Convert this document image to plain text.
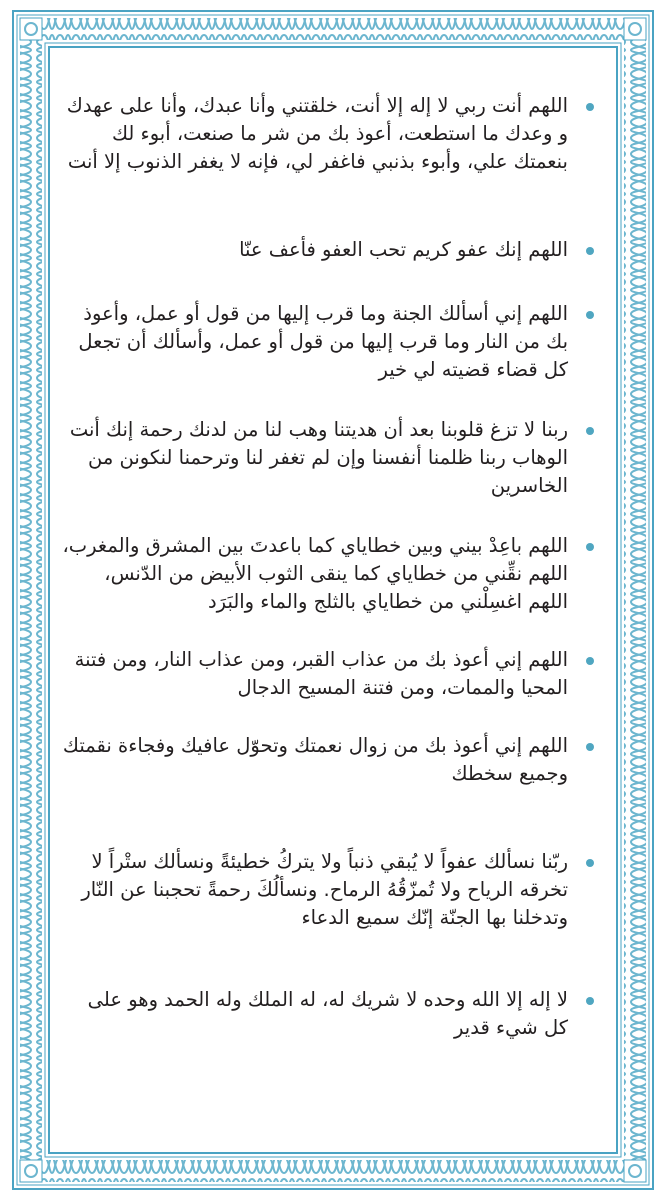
اللهم أنت ربي لا إله إلا أنت، خلقتني وأنا عبدك، وأنا على عهدك و وعدك ما استطعت، أعوذ بك من شر ما صنعت، أبوء لك بنعمتك علي، وأبوء بذنبي فاغفر لي، فإنه لا يغفر الذنوب إلا أنت
اللهم إنك عفو كريم تحب العفو فأعف عنّا
اللهم إني أسألك الجنة وما قرب إليها من قول أو عمل، وأعوذ بك من النار وما قرب إليها من قول أو عمل، وأسألك أن تجعل كل قضاء قضيته لي خير
ربنا لا تزغ قلوبنا بعد أن هديتنا وهب لنا من لدنك رحمة إنك أنت الوهاب ربنا ظلمنا أنفسنا وإن لم تغفر لنا وترحمنا لنكونن من الخاسرين
اللهم باعِدْ بيني وبين خطاياي كما باعدتَ بين المشرق والمغرب، اللهم نقِّني من خطاياي كما ينقى الثوب الأبيض من الدّنس، اللهم اغسِلْني من خطاياي بالثلج والماء والبَرَد
اللهم إني أعوذ بك من عذاب القبر، ومن عذاب النار، ومن فتنة المحيا والممات، ومن فتنة المسيح الدجال
اللهم إني أعوذ بك من زوال نعمتك وتحوّل عافيك وفجاءة نقمتك وجميع سخطك
ربّنا نسألك عفواً لا يُبقي ذنباً ولا يتركُ خطيئةً ونسألك ستْراً لا تخرقه الرياح ولا تُمزّقُهُ الرماح. ونسألُكَ رحمةً تحجبنا عن النّار وتدخلنا بها الجنّة إنّك سميع الدعاء
لا إله إلا الله وحده لا شريك له، له الملك وله الحمد وهو على كل شيء قدير
